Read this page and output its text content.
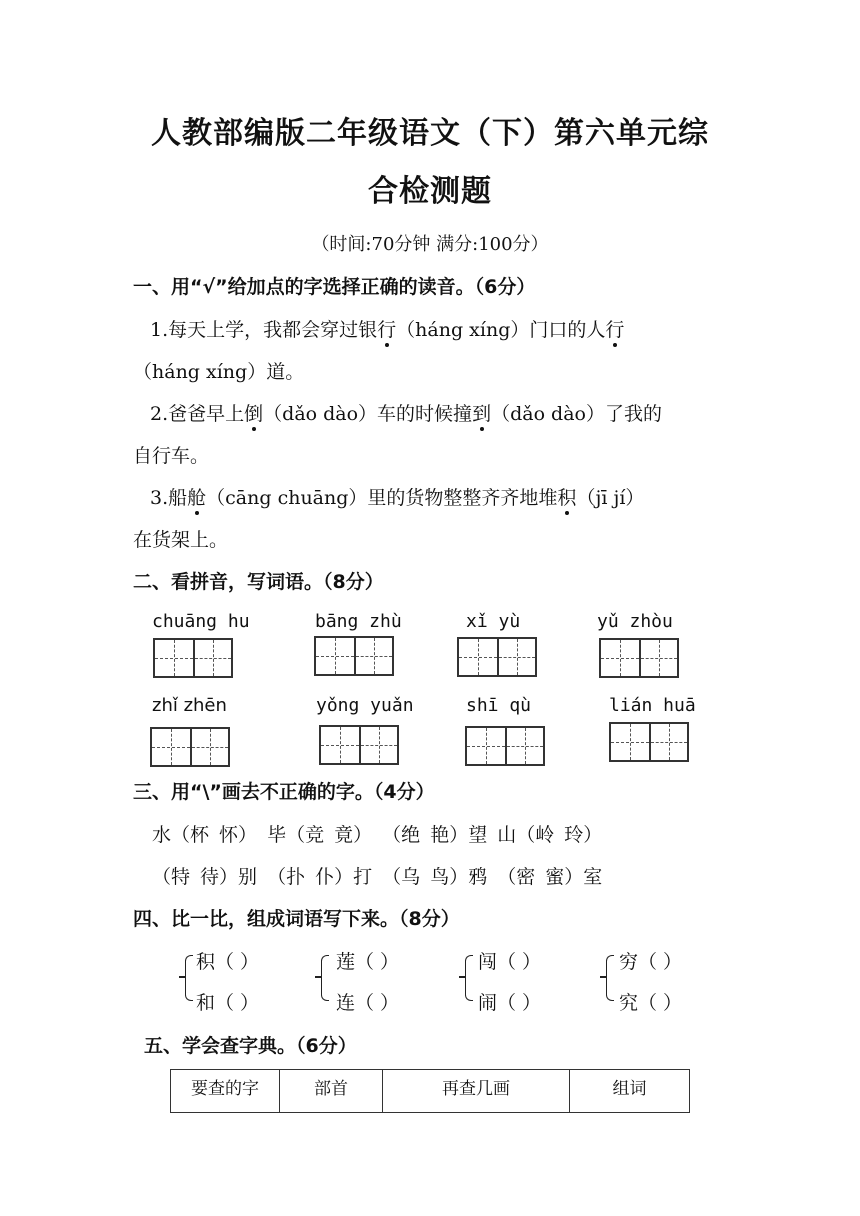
人教部编版二年级语文（下）第六单元综
合检测题
（时间:70分钟 满分:100分）
一、用“√”给加点的字选择正确的读音。（6分）
1.每天上学，我都会穿过银行（háng xíng）门口的人行
（háng xíng）道。
2.爸爸早上倒（dǎo dào）车的时候撞到（dǎo dào）了我的
自行车。
3.船舱（cāng chuāng）里的货物整整齐齐地堆积（jī jí）
在货架上。
二、看拼音，写词语。（8分）
chuāng hu	bāng zhù	xǐ yù	yǔ zhòu
zhǐ zhēn	yǒng yuǎn	shī qù	lián huā
三、用“\”画去不正确的字。（4分）
水（杯 怀） 毕（竞 竟） （绝 艳）望 山（岭 玲）
（特 待）别 （扑 仆）打 （乌 鸟）鸦 （密 蜜）室
四、比一比，组成词语写下来。（8分）
积（ ）
和（ ）
莲（ ）
连（ ）
闯（ ）
闹（ ）
穷（ ）
究（ ）
五、学会查字典。（6分）
要查的字	部首	再查几画	组词
